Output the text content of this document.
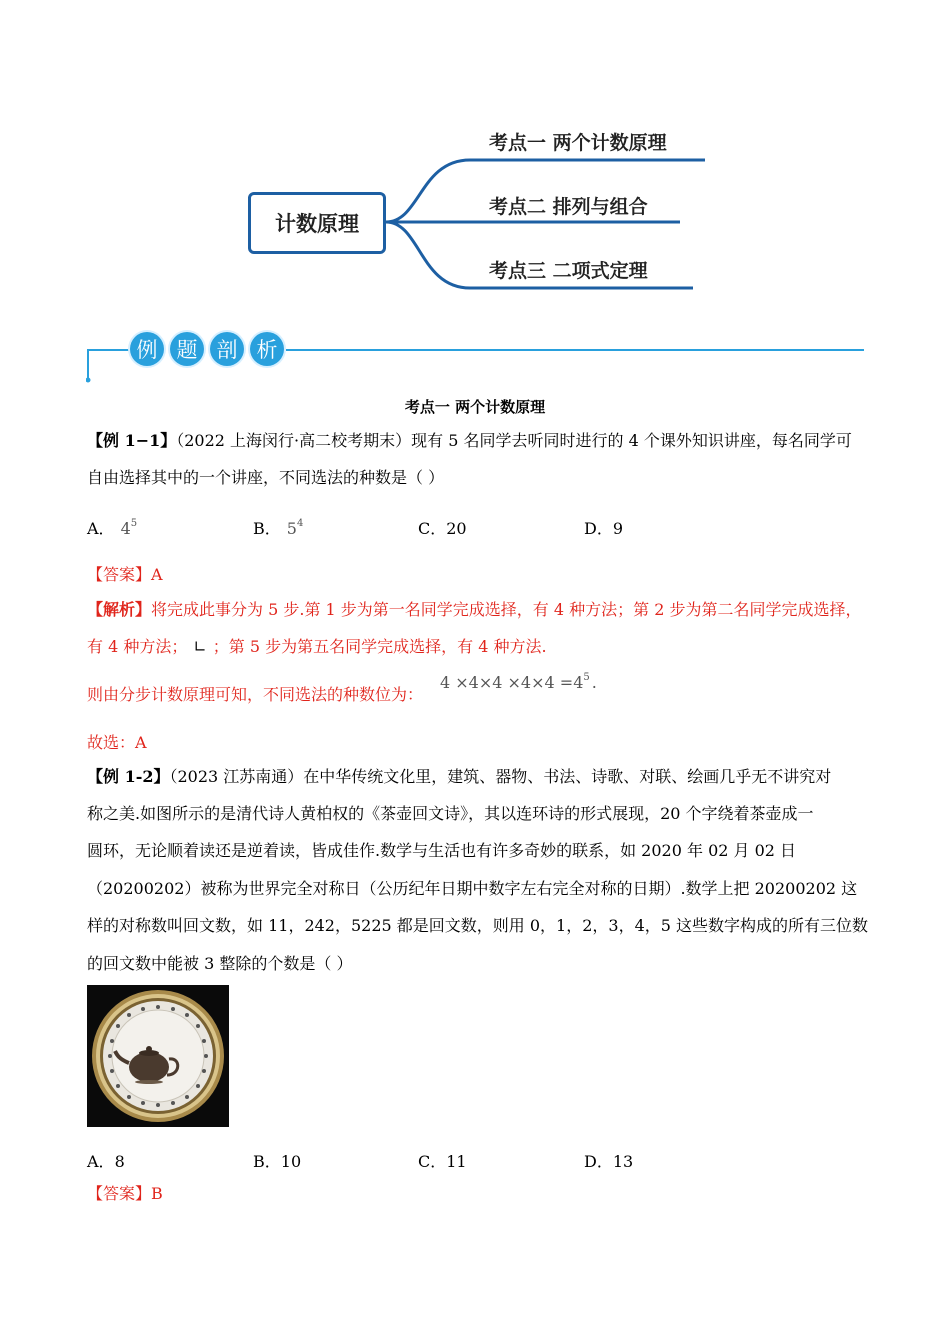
计数原理
考点一 两个计数原理
考点二 排列与组合
考点三 二项式定理
例 题 剖 析
考点一 两个计数原理
【例 1−1】（2022 上海闵行·高二校考期末）现有 5 名同学去听同时进行的 4 个课外知识讲座，每名同学可
自由选择其中的一个讲座，不同选法的种数是（ ）
A． $4^5$	B． $5^4$	C．20	D．9
【答案】A
【解析】将完成此事分为 5 步.第 1 步为第一名同学完成选择，有 4 种方法；第 2 步为第二名同学完成选择，
有 4 种方法； ∟ ；第 5 步为第五名同学完成选择，有 4 种方法.
则由分步计数原理可知，不同选法的种数位为：
$4 \times 4\times 4 \times 4\times 4 =4^5$ .
故选：A
【例 1-2】（2023 江苏南通）在中华传统文化里，建筑、器物、书法、诗歌、对联、绘画几乎无不讲究对
称之美.如图所示的是清代诗人黄柏权的《茶壶回文诗》，其以连环诗的形式展现，20 个字绕着茶壶成一
圆环，无论顺着读还是逆着读，皆成佳作.数学与生活也有许多奇妙的联系，如 2020 年 02 月 02 日
（20200202）被称为世界完全对称日（公历纪年日期中数字左右完全对称的日期）.数学上把 20200202 这
样的对称数叫回文数，如 11，242，5225 都是回文数，则用 0，1，2，3，4，5 这些数字构成的所有三位数
的回文数中能被 3 整除的个数是（ ）
A．8	B．10	C．11	D．13
【答案】B
